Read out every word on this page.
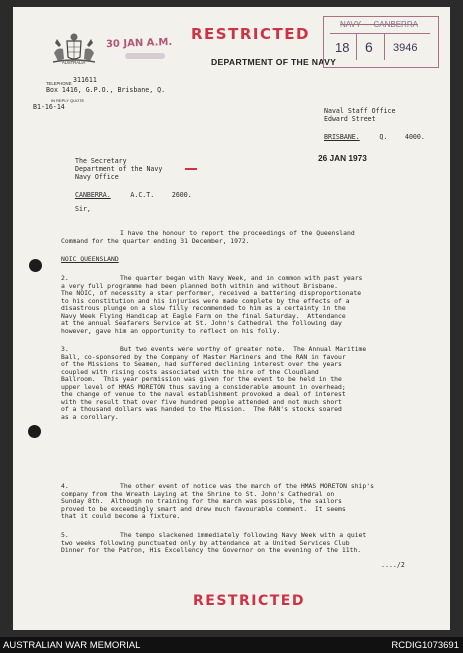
AUSTRALIA
30 JAN A.M.
RESTRICTED
DEPARTMENT OF THE NAVY
NAVY — CANBERRA
18 6 3946
TELEPHONE: 311611
Box 1416, G.P.O., Brisbane, Q.
IN REPLY QUOTE
B1-16-14	Naval Staff Office
Edward Street
BRISBANE.	Q.	4000.
26 JAN 1973
The Secretary
Department of the Navy
Navy Office
CANBERRA.	A.C.T.	2600.
Sir,
I have the honour to report the proceedings of the Queensland
Command for the quarter ending 31 December, 1972.
NOIC QUEENSLAND
2.	The quarter began with Navy Week, and in common with past years
a very full programme had been planned both within and without Brisbane.
The NOIC, of necessity a star performer, received a battering disproportionate
to his constitution and his injuries were made complete by the effects of a
disastrous plunge on a slow filly recommended to him as a certainty in the
Navy Week Flying Handicap at Eagle Farm on the final Saturday.  Attendance
at the annual Seafarers Service at St. John's Cathedral the following day
however, gave him an opportunity to reflect on his folly.
3.	But two events were worthy of greater note.  The Annual Maritime
Ball, co-sponsored by the Company of Master Mariners and the RAN in favour
of the Missions to Seamen, had suffered declining interest over the years
coupled with rising costs associated with the hire of the Cloudland
Ballroom.  This year permission was given for the event to be held in the
upper level of HMAS MORETON thus saving a considerable amount in overhead;
the change of venue to the naval establishment provoked a deal of interest
with the result that over five hundred people attended and not much short
of a thousand dollars was handed to the Mission.  The RAN's stocks soared
as a corollary.
4.	The other event of notice was the march of the HMAS MORETON ship's
company from the Wreath Laying at the Shrine to St. John's Cathedral on
Sunday 8th.  Although no training for the march was possible, the sailors
proved to be exceedingly smart and drew much favourable comment.  It seems
that it could become a fixture.
5.	The tempo slackened immediately following Navy Week with a quiet
two weeks following punctuated only by attendance at a United Services Club
Dinner for the Patron, His Excellency the Governor on the evening of the 11th.
..../2
RESTRICTED
AUSTRALIAN WAR MEMORIAL	RCDIG1073691
